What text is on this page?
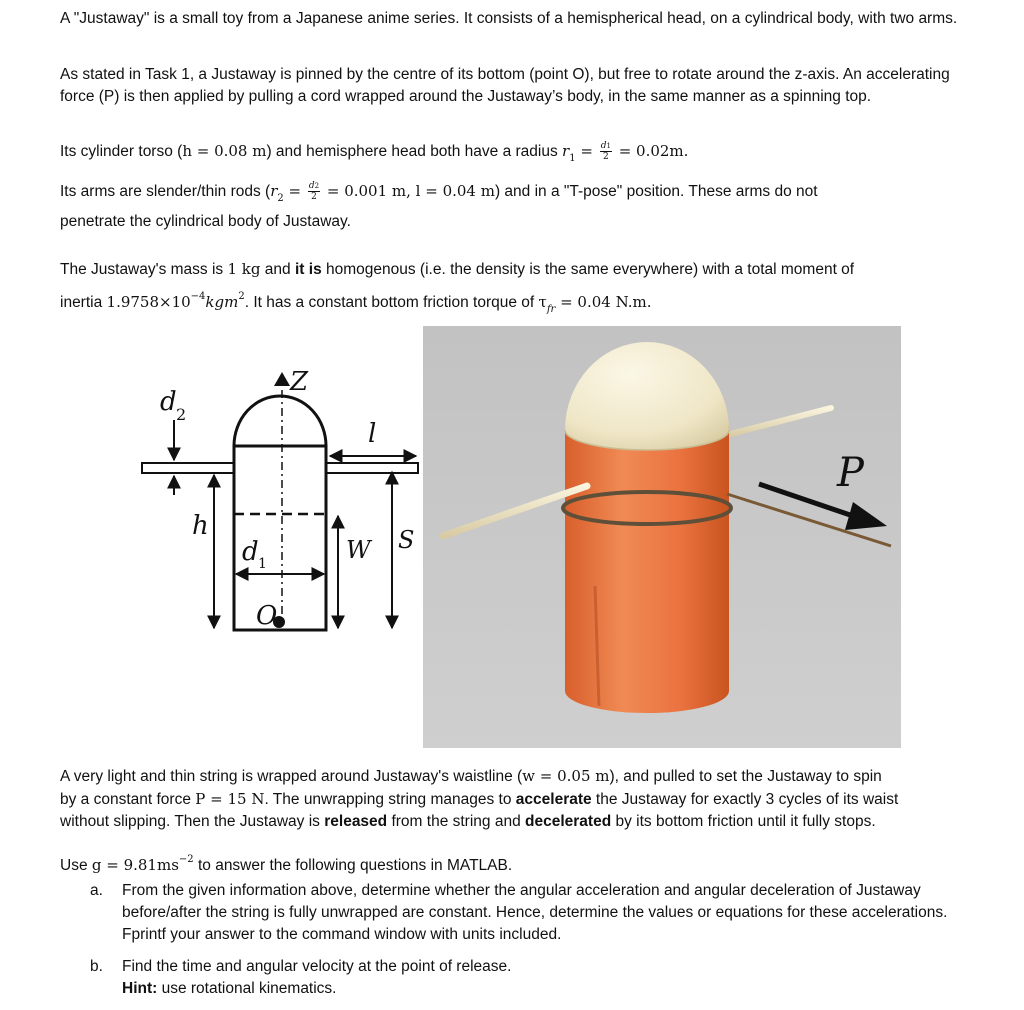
A "Justaway" is a small toy from a Japanese anime series. It consists of a hemispherical head, on a cylindrical body, with two arms.

As stated in Task 1, a Justaway is pinned by the centre of its bottom (point O), but free to rotate around the z-axis. An accelerating force (P) is then applied by pulling a cord wrapped around the Justaway’s body, in the same manner as a spinning top.

Its cylinder torso (h = 0.08 m) and hemisphere head both have a radius $r_1 = \frac{d1}{2} = 0.02m$.

Its arms are slender/thin rods ($r_2 = \frac{d2}{2} = 0.001$ m, l = 0.04 m) and in a "T-pose" position. These arms do not

penetrate the cylindrical body of Justaway.

The Justaway's mass is 1 kg and it is homogenous (i.e. the density is the same everywhere) with a total moment of

inertia $1.9758\times 10^{-4}kgm^2$. It has a constant bottom friction torque of $\tau_{fr} = 0.04$ N.m.

d 2
Z
l
h
d 1	W S
O
P

A very light and thin string is wrapped around Justaway's waistline (w = 0.05 m), and pulled to set the Justaway to spin
by a constant force P = 15 N. The unwrapping string manages to accelerate the Justaway for exactly 3 cycles of its waist
without slipping. Then the Justaway is released from the string and decelerated by its bottom friction until it fully stops.

Use $g = 9.81ms^{-2}$ to answer the following questions in MATLAB.

a. From the given information above, determine whether the angular acceleration and angular deceleration of Justaway before/after the string is fully unwrapped are constant. Hence, determine the values or equations for these accelerations. Fprintf your answer to the command window with units included.
b. Find the time and angular velocity at the point of release.
Hint: use rotational kinematics.
